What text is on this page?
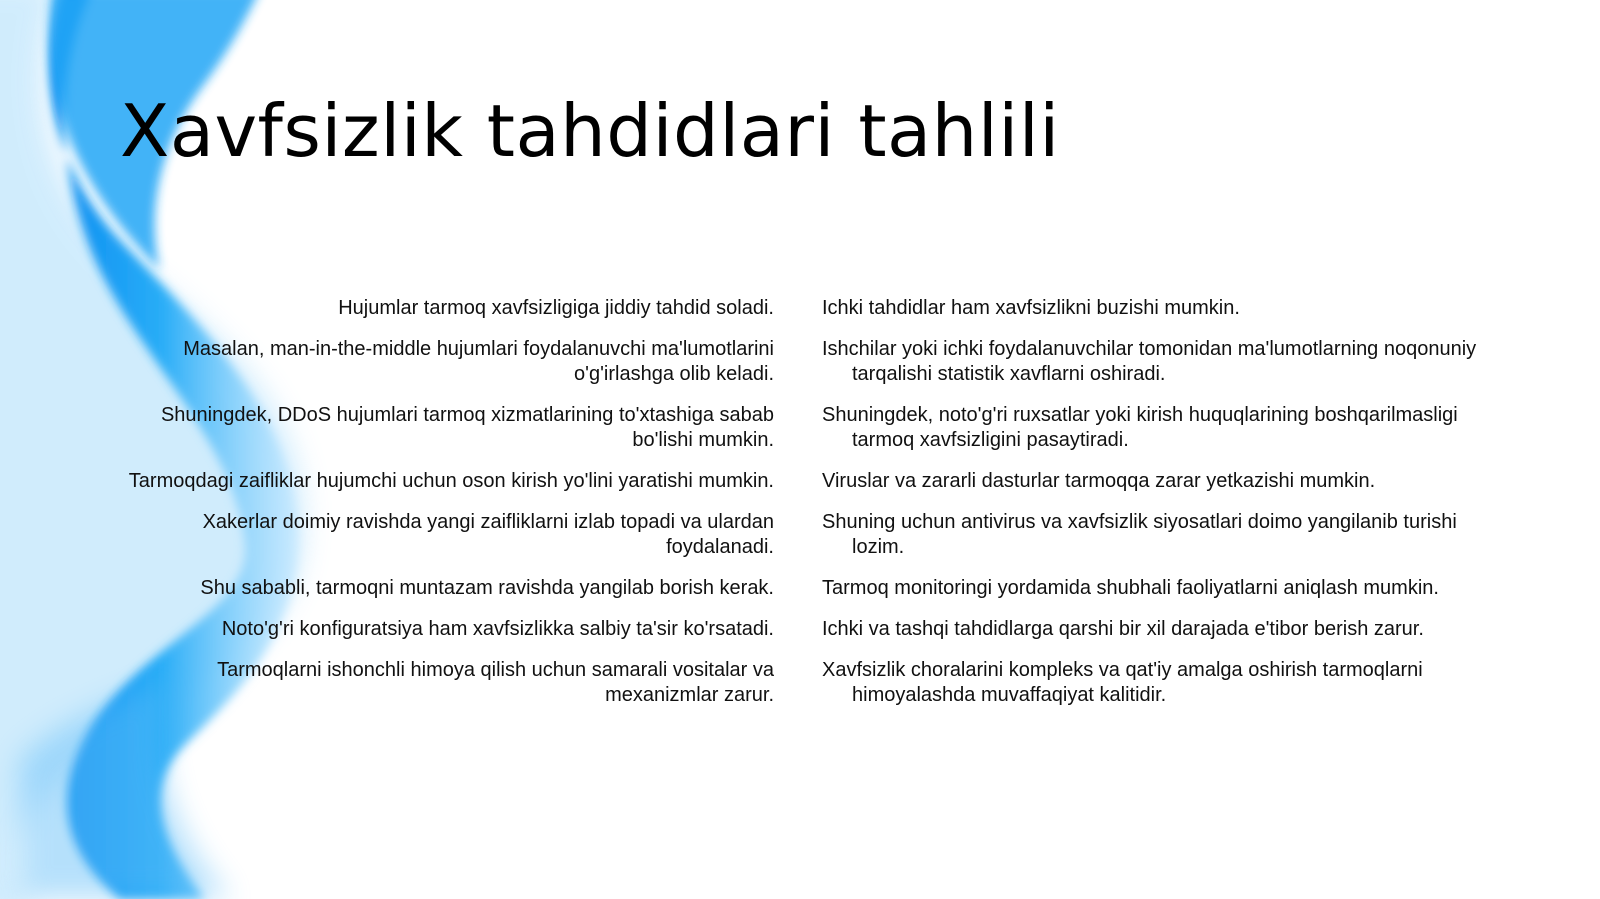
Xavfsizlik tahdidlari tahlili
Hujumlar tarmoq xavfsizligiga jiddiy tahdid soladi.
Masalan, man-in-the-middle hujumlari foydalanuvchi ma'lumotlarini o'g'irlashga olib keladi.
Shuningdek, DDoS hujumlari tarmoq xizmatlarining to'xtashiga sabab bo'lishi mumkin.
Tarmoqdagi zaifliklar hujumchi uchun oson kirish yo'lini yaratishi mumkin.
Xakerlar doimiy ravishda yangi zaifliklarni izlab topadi va ulardan foydalanadi.
Shu sababli, tarmoqni muntazam ravishda yangilab borish kerak.
Noto'g'ri konfiguratsiya ham xavfsizlikka salbiy ta'sir ko'rsatadi.
Tarmoqlarni ishonchli himoya qilish uchun samarali vositalar va mexanizmlar zarur.
Ichki tahdidlar ham xavfsizlikni buzishi mumkin.
Ishchilar yoki ichki foydalanuvchilar tomonidan ma'lumotlarning noqonuniy tarqalishi statistik xavflarni oshiradi.
Shuningdek, noto'g'ri ruxsatlar yoki kirish huquqlarining boshqarilmasligi tarmoq xavfsizligini pasaytiradi.
Viruslar va zararli dasturlar tarmoqqa zarar yetkazishi mumkin.
Shuning uchun antivirus va xavfsizlik siyosatlari doimo yangilanib turishi lozim.
Tarmoq monitoringi yordamida shubhali faoliyatlarni aniqlash mumkin.
Ichki va tashqi tahdidlarga qarshi bir xil darajada e'tibor berish zarur.
Xavfsizlik choralarini kompleks va qat'iy amalga oshirish tarmoqlarni himoyalashda muvaffaqiyat kalitidir.
